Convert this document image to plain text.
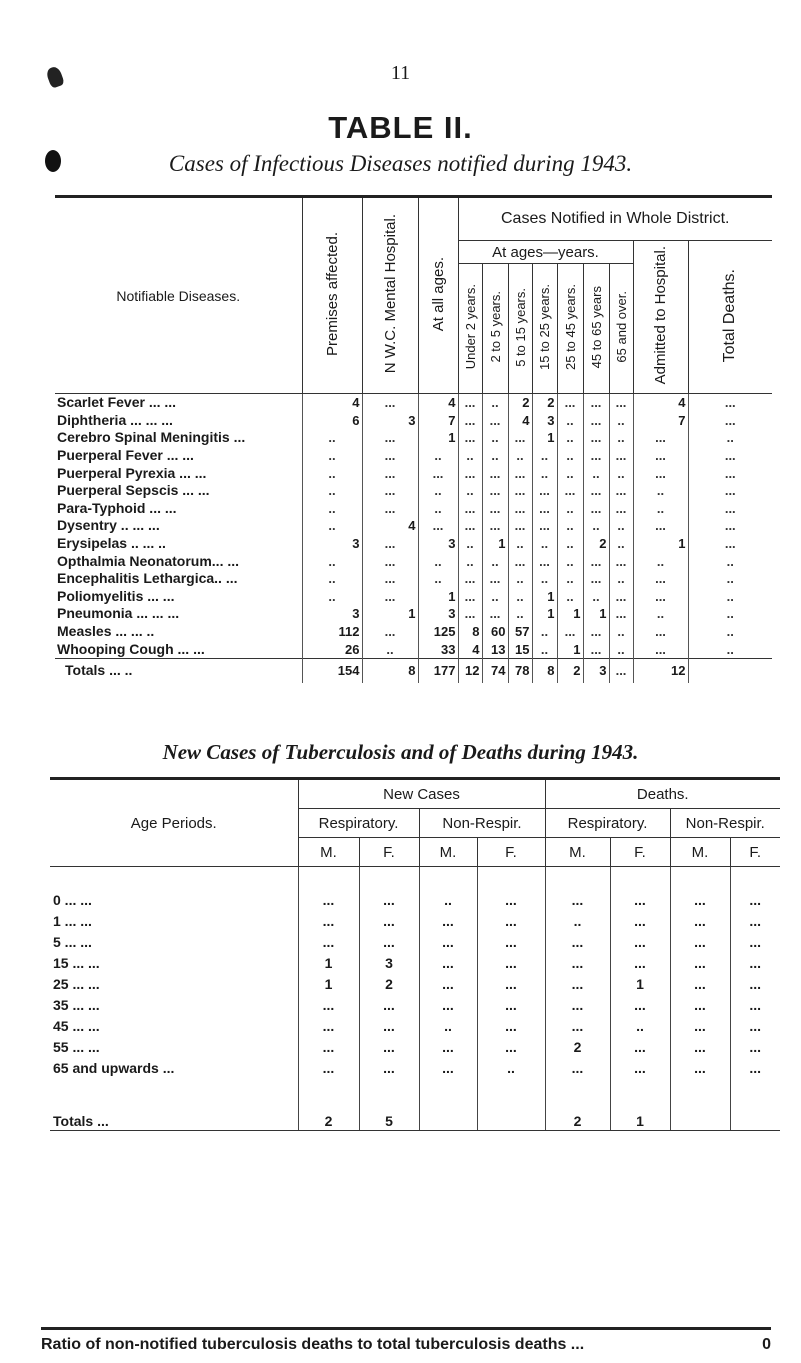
11
TABLE II.
Cases of Infectious Diseases notified during 1943.
Notifiable Diseases.	Premises affected.	N W.C. Mental Hospital.	At all ages.	Cases Notified in Whole District.								
				At ages—years.							Admitted to Hospital.	Total Deaths.
				Under 2 years.	2 to 5 years.	5 to 15 years.	15 to 25 years.	25 to 45 years.	45 to 65 years	65 and over.		
Scarlet Fever ... ...	4	...	4	...	..	2	2	...	...	...	4	...
Diphtheria ... ... ...	6	3	7	...	...	4	3	..	...	..	7	...
Cerebro Spinal Meningitis ...	..	...	1	...	..	...	1	..	...	..	...	..
Puerperal Fever ... ...	..	...	..	..	..	..	..	..	...	...	...	...
Puerperal Pyrexia ... ...	..	...	...	...	...	...	..	..	..	..	...	...
Puerperal Sepscis ... ...	..	...	..	..	...	...	...	...	...	...	..	...
Para-Typhoid ... ...	..	...	..	...	...	...	...	..	...	...	..	...
Dysentry .. ... ...	..	4	...	...	...	...	...	..	..	..	...	...
Erysipelas .. ... ..	3	...	3	..	1	..	..	..	2	..	1	...
Opthalmia Neonatorum... ...	..	...	..	..	..	...	...	..	...	...	..	..
Encephalitis Lethargica.. ...	..	...	..	...	...	..	..	..	...	..	...	..
Poliomyelitis ... ...	..	...	1	...	..	..	1	..	..	...	...	..
Pneumonia ... ... ...	3	1	3	...	...	..	1	1	1	...	..	..
Measles ... ... ..	112	...	125	8	60	57	..	...	...	..	...	..
Whooping Cough ... ...	26	..	33	4	13	15	..	1	...	..	...	..
Totals ... ..	154	8	177	12	74	78	8	2	3	...	12	
New Cases of Tuberculosis and of Deaths during 1943.
Age Periods.	New Cases				Deaths.			
	Respiratory.		Non-Respir.		Respiratory.		Non-Respir.	
	M.	F.	M.	F.	M.	F.	M.	F.

0 ... ...	...	...	..	...	...	...	...	...
1 ... ...	...	...	...	...	..	...	...	...
5 ... ...	...	...	...	...	...	...	...	...
15 ... ...	1	3	...	...	...	...	...	...
25 ... ...	1	2	...	...	...	1	...	...
35 ... ...	...	...	...	...	...	...	...	...
45 ... ...	...	...	..	...	...	..	...	...
55 ... ...	...	...	...	...	2	...	...	...
65 and upwards ...	...	...	...	..	...	...	...	...
Totals ...	2	5			2	1		
Ratio of non-notified tuberculosis deaths to total tuberculosis deaths ...	0
